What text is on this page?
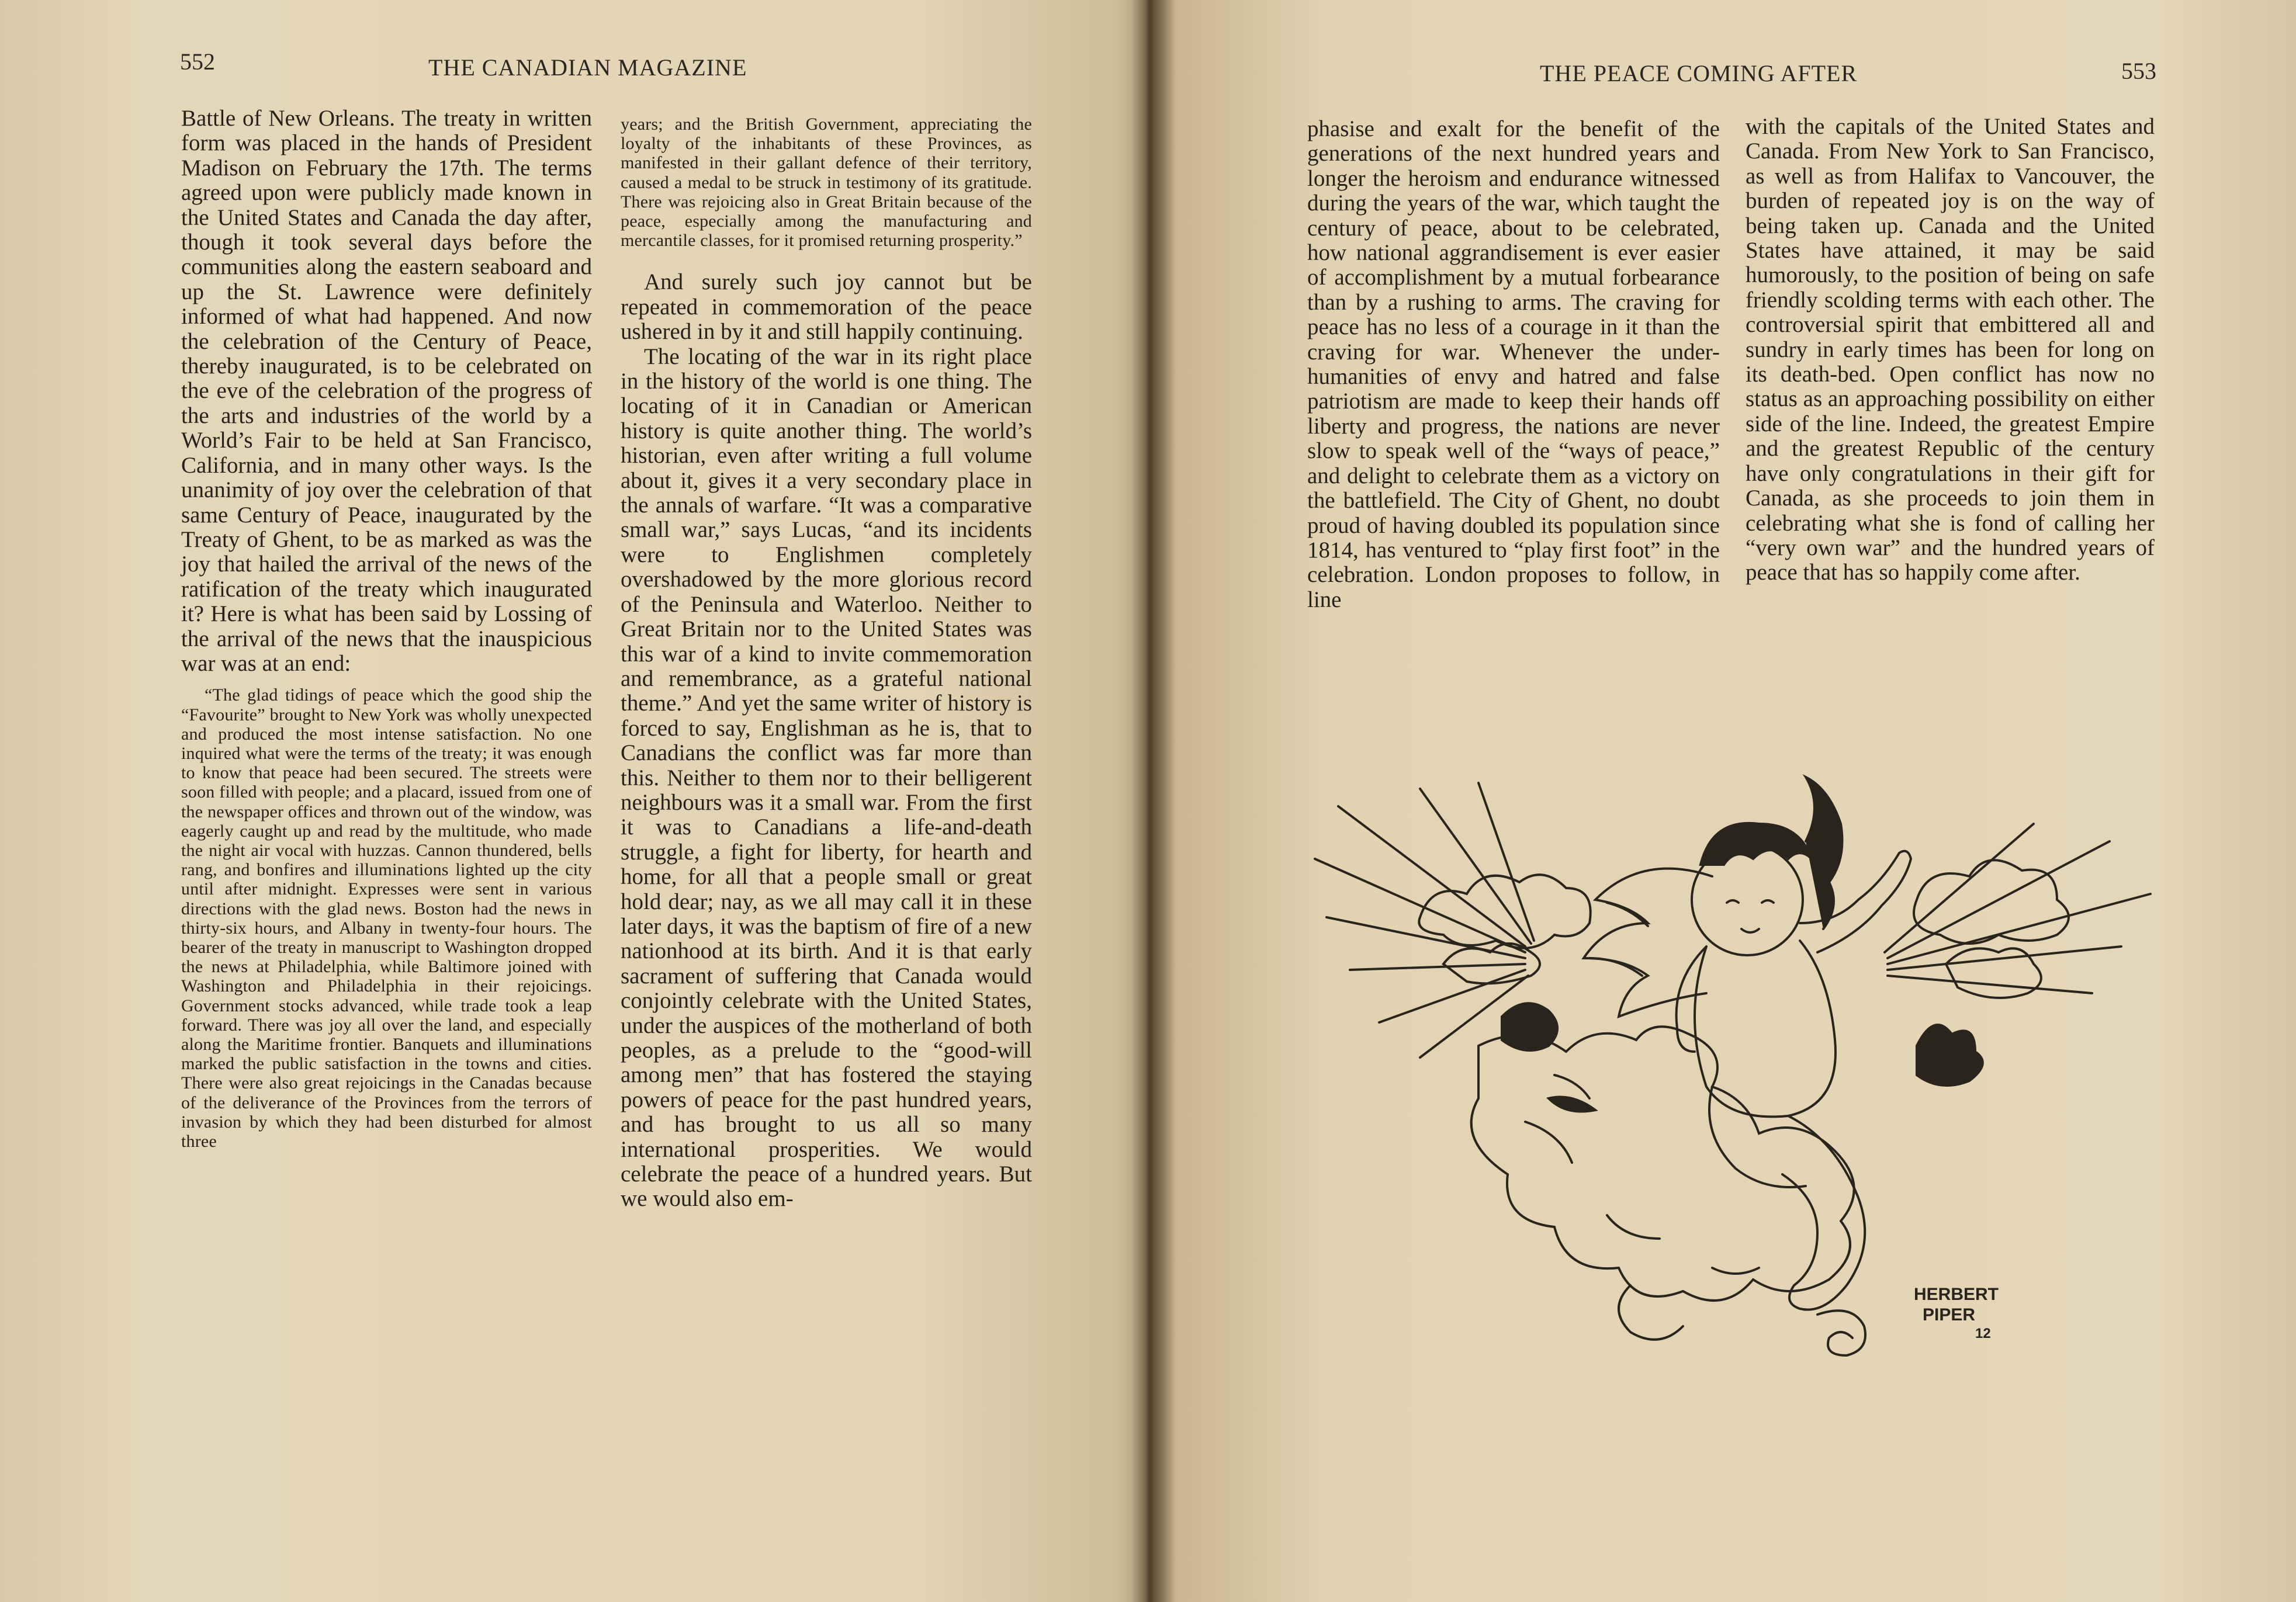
552	THE CANADIAN MAGAZINE

Battle of New Orleans. The treaty in written form was placed in the hands of President Madison on February the 17th. The terms agreed upon were publicly made known in the United States and Canada the day after, though it took several days before the communities along the eastern seaboard and up the St. Lawrence were definitely informed of what had happened. And now the celebration of the Century of Peace, thereby inaugurated, is to be celebrated on the eve of the celebration of the progress of the arts and industries of the world by a World’s Fair to be held at San Francisco, California, and in many other ways. Is the unanimity of joy over the celebration of that same Century of Peace, inaugurated by the Treaty of Ghent, to be as marked as was the joy that hailed the arrival of the news of the ratification of the treaty which inaugurated it? Here is what has been said by Lossing of the arrival of the news that the inauspicious war was at an end:

“The glad tidings of peace which the good ship the “Favourite” brought to New York was wholly unexpected and produced the most intense satisfaction. No one inquired what were the terms of the treaty; it was enough to know that peace had been secured. The streets were soon filled with people; and a placard, issued from one of the newspaper offices and thrown out of the window, was eagerly caught up and read by the multitude, who made the night air vocal with huzzas. Cannon thundered, bells rang, and bonfires and illuminations lighted up the city until after midnight. Expresses were sent in various directions with the glad news. Boston had the news in thirty-six hours, and Albany in twenty-four hours. The bearer of the treaty in manuscript to Washington dropped the news at Philadelphia, while Baltimore joined with Washington and Philadelphia in their rejoicings. Government stocks advanced, while trade took a leap forward. There was joy all over the land, and especially along the Maritime frontier. Banquets and illuminations marked the public satisfaction in the towns and cities. There were also great rejoicings in the Canadas because of the deliverance of the Provinces from the terrors of invasion by which they had been disturbed for almost three

years; and the British Government, appreciating the loyalty of the inhabitants of these Provinces, as manifested in their gallant defence of their territory, caused a medal to be struck in testimony of its gratitude. There was rejoicing also in Great Britain because of the peace, especially among the manufacturing and mercantile classes, for it promised returning prosperity.”

And surely such joy cannot but be repeated in commemoration of the peace ushered in by it and still happily continuing.

The locating of the war in its right place in the history of the world is one thing. The locating of it in Canadian or American history is quite another thing. The world’s historian, even after writing a full volume about it, gives it a very secondary place in the annals of warfare. “It was a comparative small war,” says Lucas, “and its incidents were to Englishmen completely overshadowed by the more glorious record of the Peninsula and Waterloo. Neither to Great Britain nor to the United States was this war of a kind to invite commemoration and remembrance, as a grateful national theme.” And yet the same writer of history is forced to say, Englishman as he is, that to Canadians the conflict was far more than this. Neither to them nor to their belligerent neighbours was it a small war. From the first it was to Canadians a life-and-death struggle, a fight for liberty, for hearth and home, for all that a people small or great hold dear; nay, as we all may call it in these later days, it was the baptism of fire of a new nationhood at its birth. And it is that early sacrament of suffering that Canada would conjointly celebrate with the United States, under the auspices of the motherland of both peoples, as a prelude to the “good-will among men” that has fostered the staying powers of peace for the past hundred years, and has brought to us all so many international prosperities. We would celebrate the peace of a hundred years. But we would also em-

THE PEACE COMING AFTER	553

phasise and exalt for the benefit of the generations of the next hundred years and longer the heroism and endurance witnessed during the years of the war, which taught the century of peace, about to be celebrated, how national aggrandisement is ever easier of accomplishment by a mutual forbearance than by a rushing to arms. The craving for peace has no less of a courage in it than the craving for war. Whenever the under-humanities of envy and hatred and false patriotism are made to keep their hands off liberty and progress, the nations are never slow to speak well of the “ways of peace,” and delight to celebrate them as a victory on the battlefield. The City of Ghent, no doubt proud of having doubled its population since 1814, has ventured to “play first foot” in the celebration. London proposes to follow, in line

with the capitals of the United States and Canada. From New York to San Francisco, as well as from Halifax to Vancouver, the burden of repeated joy is on the way of being taken up. Canada and the United States have attained, it may be said humorously, to the position of being on safe friendly scolding terms with each other. The controversial spirit that embittered all and sundry in early times has been for long on its death-bed. Open conflict has now no status as an approaching possibility on either side of the line. Indeed, the greatest Empire and the greatest Republic of the century have only congratulations in their gift for Canada, as she proceeds to join them in celebrating what she is fond of calling her “very own war” and the hundred years of peace that has so happily come after.

HERBERT
PIPER
12
